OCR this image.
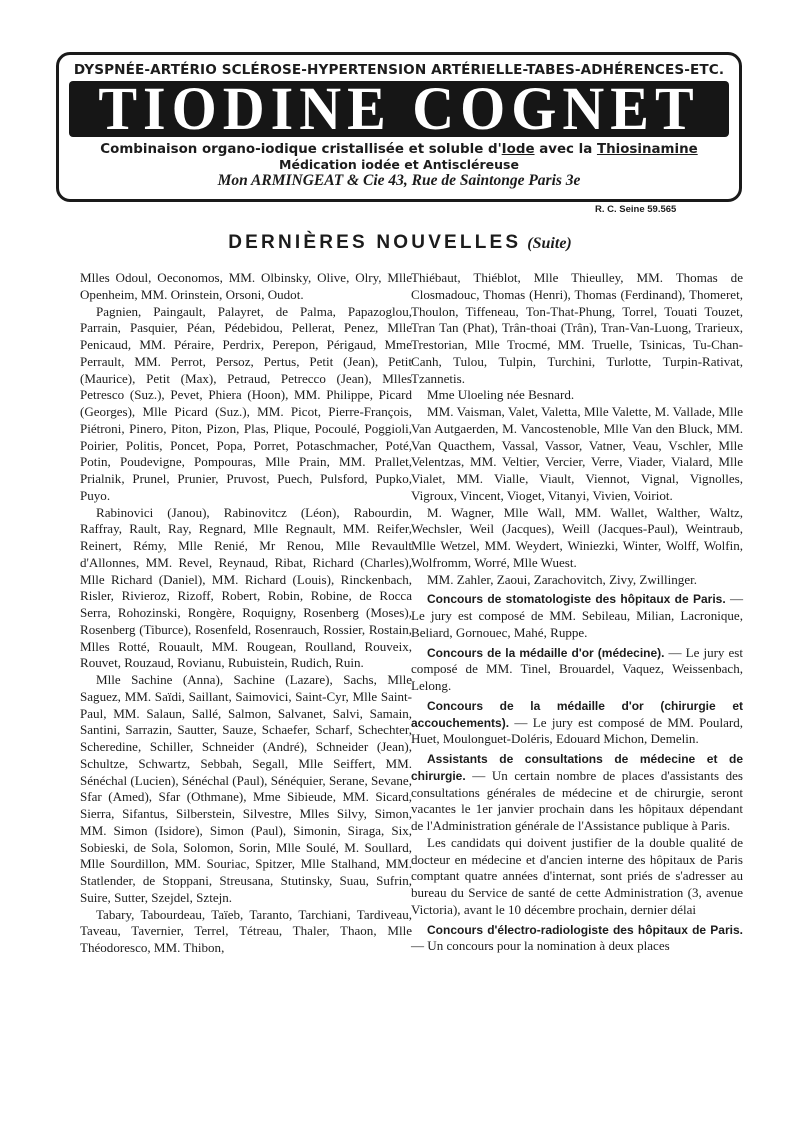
DYSPNÉE-ARTÉRIO SCLÉROSE-HYPERTENSION ARTÉRIELLE-TABES-ADHÉRENCES-ETC.
TIODINE COGNET
Combinaison organo-iodique cristallisée et soluble d'Iode avec la Thiosinamine
Médication iodée et Antiscléreuse
Mon ARMINGEAT & Cie 43, Rue de Saintonge Paris 3e
R. C. Seine 59.565
DERNIÈRES NOUVELLES (Suite)

Mlles Odoul, Oeconomos, MM. Olbinsky, Olive, Olry, Mlle Openheim, MM. Orinstein, Orsoni, Oudot.

Pagnien, Paingault, Palayret, de Palma, Papazoglou, Parrain, Pasquier, Péan, Pédebidou, Pellerat, Penez, Mlle Penicaud, MM. Péraire, Perdrix, Perepon, Périgaud, Mme Perrault, MM. Perrot, Persoz, Pertus, Petit (Jean), Petit (Maurice), Petit (Max), Petraud, Petrecco (Jean), Mlles Petresco (Suz.), Pevet, Phiera (Hoon), MM. Philippe, Picard (Georges), Mlle Picard (Suz.), MM. Picot, Pierre-François, Piétroni, Pinero, Piton, Pizon, Plas, Plique, Pocoulé, Poggioli, Poirier, Politis, Poncet, Popa, Porret, Potaschmacher, Poté, Potin, Poudevigne, Pompouras, Mlle Prain, MM. Prallet, Prialnik, Prunel, Prunier, Pruvost, Puech, Pulsford, Pupko, Puyo.

Rabinovici (Janou), Rabinovitcz (Léon), Rabourdin, Raffray, Rault, Ray, Regnard, Mlle Regnault, MM. Reifer, Reinert, Rémy, Mlle Renié, Mr Renou, Mlle Revault d'Allonnes, MM. Revel, Reynaud, Ribat, Richard (Charles), Mlle Richard (Daniel), MM. Richard (Louis), Rinckenbach, Risler, Rivieroz, Rizoff, Robert, Robin, Robine, de Rocca Serra, Rohozinski, Rongère, Roquigny, Rosenberg (Moses), Rosenberg (Tiburce), Rosenfeld, Rosenrauch, Rossier, Rostain, Mlles Rotté, Rouault, MM. Rougean, Roulland, Rouveix, Rouvet, Rouzaud, Rovianu, Rubuistein, Rudich, Ruin.

Mlle Sachine (Anna), Sachine (Lazare), Sachs, Mlle Saguez, MM. Saïdi, Saillant, Saimovici, Saint-Cyr, Mlle Saint-Paul, MM. Salaun, Sallé, Salmon, Salvanet, Salvi, Samain, Santini, Sarrazin, Sautter, Sauze, Schaefer, Scharf, Schechter, Scheredine, Schiller, Schneider (André), Schneider (Jean), Schultze, Schwartz, Sebbah, Segall, Mlle Seiffert, MM. Sénéchal (Lucien), Sénéchal (Paul), Sénéquier, Serane, Sevane, Sfar (Amed), Sfar (Othmane), Mme Sibieude, MM. Sicard, Sierra, Sifantus, Silberstein, Silvestre, Mlles Silvy, Simon, MM. Simon (Isidore), Simon (Paul), Simonin, Siraga, Six, Sobieski, de Sola, Solomon, Sorin, Mlle Soulé, M. Soullard, Mlle Sourdillon, MM. Souriac, Spitzer, Mlle Stalhand, MM. Statlender, de Stoppani, Streusana, Stutinsky, Suau, Sufrin, Suire, Sutter, Szejdel, Sztejn.

Tabary, Tabourdeau, Taïeb, Taranto, Tarchiani, Tardiveau, Taveau, Tavernier, Terrel, Tétreau, Thaler, Thaon, Mlle Théodoresco, MM. Thibon,

Thiébaut, Thiéblot, Mlle Thieulley, MM. Thomas de Closmadouc, Thomas (Henri), Thomas (Ferdinand), Thomeret, Thoulon, Tiffeneau, Ton-That-Phung, Torrel, Touati Touzet, Tran Tan (Phat), Trân-thoai (Trân), Tran-Van-Luong, Trarieux, Trestorian, Mlle Trocmé, MM. Truelle, Tsinicas, Tu-Chan-Canh, Tulou, Tulpin, Turchini, Turlotte, Turpin-Rativat, Tzannetis.

Mme Uloeling née Besnard.

MM. Vaisman, Valet, Valetta, Mlle Valette, M. Vallade, Mlle Van Autgaerden, M. Vancostenoble, Mlle Van den Bluck, MM. Van Quacthem, Vassal, Vassor, Vatner, Veau, Vschler, Mlle Velentzas, MM. Veltier, Vercier, Verre, Viader, Vialard, Mlle Vialet, MM. Vialle, Viault, Viennot, Vignal, Vignolles, Vigroux, Vincent, Vioget, Vitanyi, Vivien, Voiriot.

M. Wagner, Mlle Wall, MM. Wallet, Walther, Waltz, Wechsler, Weil (Jacques), Weill (Jacques-Paul), Weintraub, Mlle Wetzel, MM. Weydert, Winiezki, Winter, Wolff, Wolfin, Wolfromm, Worré, Mlle Wuest.

MM. Zahler, Zaoui, Zarachovitch, Zivy, Zwillinger.

Concours de stomatologiste des hôpitaux de Paris. — Le jury est composé de MM. Sebileau, Milian, Lacronique, Beliard, Gornouec, Mahé, Ruppe.

Concours de la médaille d'or (médecine). — Le jury est composé de MM. Tinel, Brouardel, Vaquez, Weissenbach, Lelong.

Concours de la médaille d'or (chirurgie et accouchements). — Le jury est composé de MM. Poulard, Huet, Moulonguet-Doléris, Edouard Michon, Demelin.

Assistants de consultations de médecine et de chirurgie. — Un certain nombre de places d'assistants des consultations générales de médecine et de chirurgie, seront vacantes le 1er janvier prochain dans les hôpitaux dépendant de l'Administration générale de l'Assistance publique à Paris.

Les candidats qui doivent justifier de la double qualité de docteur en médecine et d'ancien interne des hôpitaux de Paris comptant quatre années d'internat, sont priés de s'adresser au bureau du Service de santé de cette Administration (3, avenue Victoria), avant le 10 décembre prochain, dernier délai

Concours d'électro-radiologiste des hôpitaux de Paris. — Un concours pour la nomination à deux places
